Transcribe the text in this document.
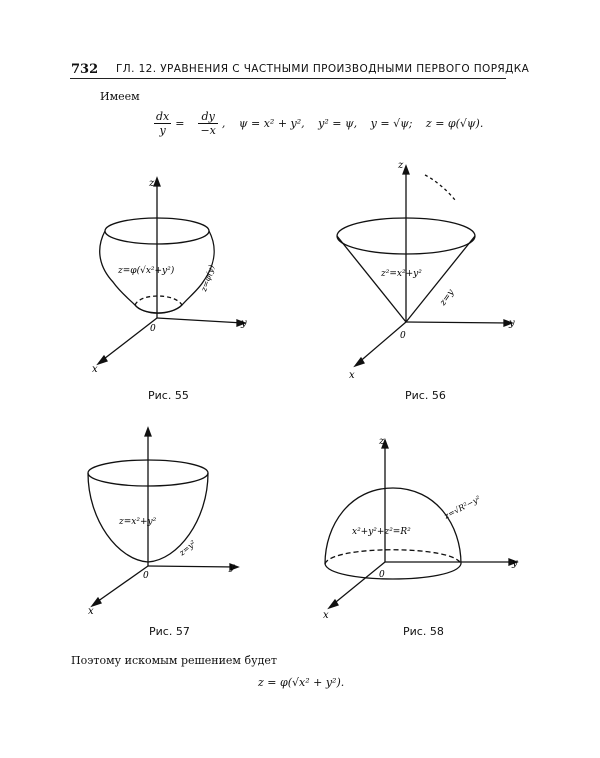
732 ГЛ. 12. УРАВНЕНИЯ С ЧАСТНЫМИ ПРОИЗВОДНЫМИ ПЕРВОГО ПОРЯДКА
Имеем
$\frac{dx}{y} = \frac{dy}{-x}$ , ψ = x² + y², y² = ψ, y = √ψ; z = φ(√ψ).
z
y
x
0
z=φ(√x²+y²)	z=φ(y)
Рис. 55
z
y
x
0
z²=x²+y²
z=y
Рис. 56
y
x
0
z=x²+y²
z=y²
Рис. 57
z
y
x
0
x²+y²+z²=R²
z=√R²−y²
Рис. 58
Поэтому искомым решением будет
z = φ(√x² + y²).
